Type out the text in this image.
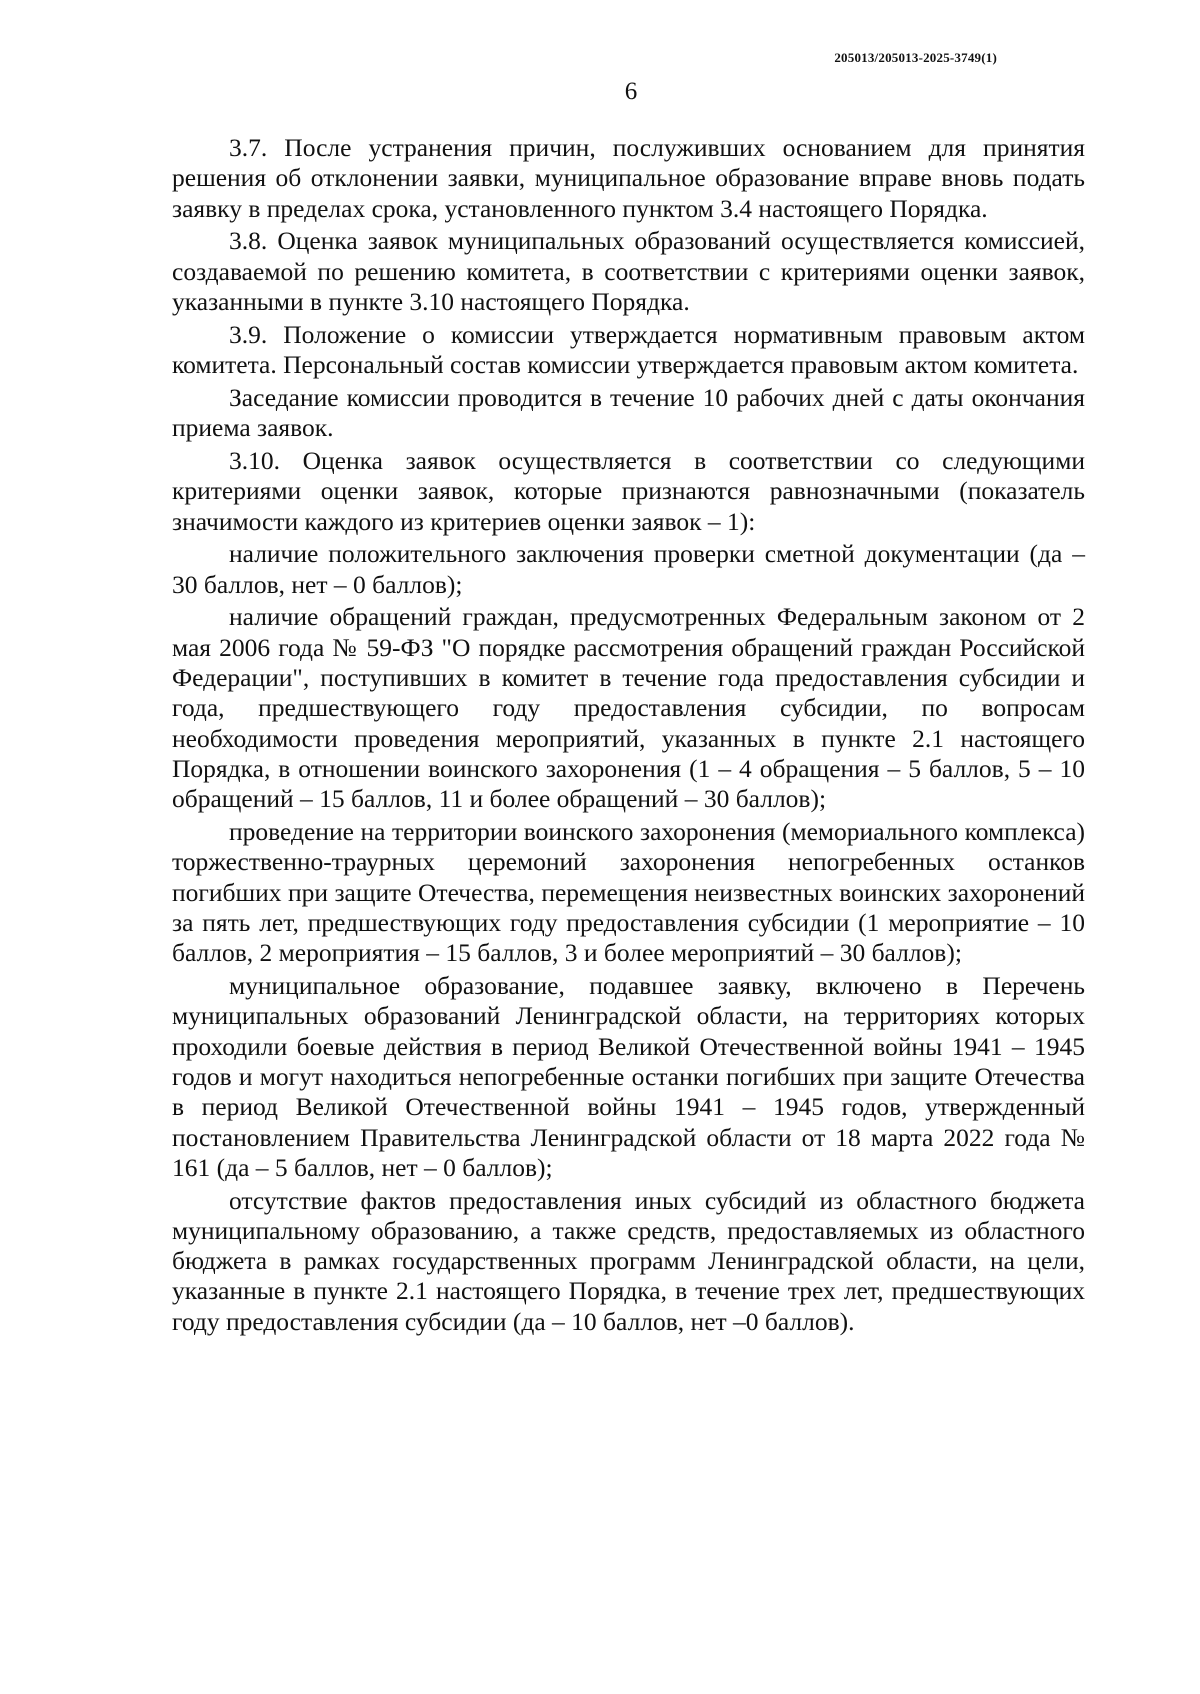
205013/205013-2025-3749(1)
6

3.7. После устранения причин, послуживших основанием для принятия решения об отклонении заявки, муниципальное образование вправе вновь подать заявку в пределах срока, установленного пунктом 3.4 настоящего Порядка.

3.8. Оценка заявок муниципальных образований осуществляется комиссией, создаваемой по решению комитета, в соответствии с критериями оценки заявок, указанными в пункте 3.10 настоящего Порядка.

3.9. Положение о комиссии утверждается нормативным правовым актом комитета. Персональный состав комиссии утверждается правовым актом комитета.

Заседание комиссии проводится в течение 10 рабочих дней с даты окончания приема заявок.

3.10. Оценка заявок осуществляется в соответствии со следующими критериями оценки заявок, которые признаются равнозначными (показатель значимости каждого из критериев оценки заявок – 1):

наличие положительного заключения проверки сметной документации (да – 30 баллов, нет – 0 баллов);

наличие обращений граждан, предусмотренных Федеральным законом от 2 мая 2006 года № 59-ФЗ "О порядке рассмотрения обращений граждан Российской Федерации", поступивших в комитет в течение года предоставления субсидии и года, предшествующего году предоставления субсидии, по вопросам необходимости проведения мероприятий, указанных в пункте 2.1 настоящего Порядка, в отношении воинского захоронения (1 – 4 обращения – 5 баллов, 5 – 10 обращений – 15 баллов, 11 и более обращений – 30 баллов);

проведение на территории воинского захоронения (мемориального комплекса) торжественно-траурных церемоний захоронения непогребенных останков погибших при защите Отечества, перемещения неизвестных воинских захоронений за пять лет, предшествующих году предоставления субсидии (1 мероприятие – 10 баллов, 2 мероприятия – 15 баллов, 3 и более мероприятий – 30 баллов);

муниципальное образование, подавшее заявку, включено в Перечень муниципальных образований Ленинградской области, на территориях которых проходили боевые действия в период Великой Отечественной войны 1941 – 1945 годов и могут находиться непогребенные останки погибших при защите Отечества в период Великой Отечественной войны 1941 – 1945 годов, утвержденный постановлением Правительства Ленинградской области от 18 марта 2022 года № 161 (да – 5 баллов, нет – 0 баллов);

отсутствие фактов предоставления иных субсидий из областного бюджета муниципальному образованию, а также средств, предоставляемых из областного бюджета в рамках государственных программ Ленинградской области, на цели, указанные в пункте 2.1 настоящего Порядка, в течение трех лет, предшествующих году предоставления субсидии (да – 10 баллов, нет –0 баллов).
